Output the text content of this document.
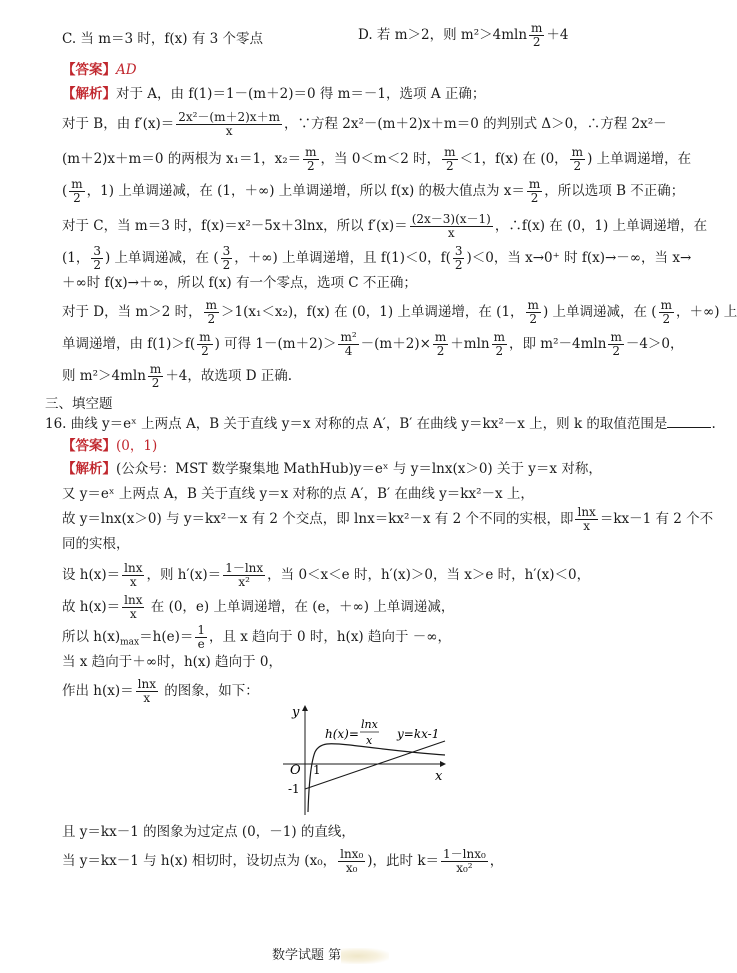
C. 当 m＝3 时，f(x) 有 3 个零点	D. 若 m＞2，则 $m^2>4mln \frac{m}{2} +4$
【答案】AD
【解析】对于 A，由 f(1)＝1－(m＋2)＝0 得 m＝－1，选项 A 正确；
对于 B，由 $f'(x)= \frac{\text{2x²－(m＋2)x＋m}}{x}$ ，∵方程 2x²－(m＋2)x＋m＝0 的判别式 Δ＞0，∴方程 2x²－
(m＋2)x＋m＝0 的两根为 x₁＝1，$x_2= \frac{m}{2}$ ，当 0＜m＜2 时， $\frac{m}{2} <1$，f(x) 在 (0， $\frac{m}{2}$ ) 上单调递增，在
( $\frac{m}{2}$ ，1) 上单调递减，在 (1，＋∞) 上单调递增，所以 f(x) 的极大值点为 $x= \frac{m}{2}$ ，所以选项 B 不正确；
对于 C，当 m＝3 时，f(x)＝x²－5x＋3lnx，所以 $f'(x)= \frac{(2x-3)(x-1)}{x}$ ，∴f(x) 在 (0，1) 上单调递增，在
(1， $\frac{3}{2}$ ) 上单调递减，在 ( $\frac{3}{2}$ ，＋∞) 上单调递增，且 f(1)＜0，$f( \frac{3}{2} )<0$，当 x→0⁺ 时 f(x)→－∞，当 x→
＋∞时 f(x)→＋∞，所以 f(x) 有一个零点，选项 C 不正确；
对于 D，当 m＞2 时， $\frac{m}{2} >1(x_1<x_2)$，f(x) 在 (0，1) 上单调递增，在 (1， $\frac{m}{2}$ ) 上单调递减，在 ( $\frac{m}{2}$ ，＋∞) 上
单调递增，由 $f(1)>f( \frac{m}{2}$ ) 可得 $1-(m+2)> \frac{\text{m²}}{4} -(m+2)\times \frac{m}{2} +mln \frac{m}{2}$ ，即 $m^2-4mln \frac{m}{2} -4>0$，
则 $m^2>4mln \frac{m}{2} +4$，故选项 D 正确.
三、填空题
16. 曲线 y＝eˣ 上两点 A，B 关于直线 y＝x 对称的点 A′，B′ 在曲线 y＝kx²－x 上，则 k 的取值范围是	.
【答案】(0，1)
【解析】(公众号：MST 数学聚集地 MathHub)y＝eˣ 与 y＝lnx(x＞0) 关于 y＝x 对称，
又 y＝eˣ 上两点 A，B 关于直线 y＝x 对称的点 A′，B′ 在曲线 y＝kx²－x 上，
故 y＝lnx(x＞0) 与 y＝kx²－x 有 2 个交点，即 lnx＝kx²－x 有 2 个不同的实根，即 $\frac{\ln x}{x} =kx-1$ 有 2 个不
同的实根，
设 $h(x)= \frac{\ln x}{x}$ ，则 $h'(x)= \frac{1-\ln x}{\text{x²}}$ ，当 0＜x＜e 时，h′(x)＞0，当 x＞e 时，h′(x)＜0，
故 $h(x)= \frac{\ln x}{x}$ 在 (0，e) 上单调递增，在 (e，＋∞) 上单调递减，
所以 $h(x)_{max}=h(e)= \frac{1}{e}$ ，且 x 趋向于 0 时，h(x) 趋向于 －∞，
当 x 趋向于＋∞时，h(x) 趋向于 0，
作出 $h(x)= \frac{\ln x}{x}$ 的图象，如下：
y
x
O 1
-1
h(x)=
lnx
x y=kx-1
且 y＝kx－1 的图象为过定点 (0，－1) 的直线，
当 y＝kx－1 与 h(x) 相切时，设切点为 (x₀， $\frac{\text{lnx₀}}{\text{x₀}}$ )，此时 $k= \frac{\text{1－lnx₀}}{\text{x₀²}}$ ，
数学试题 第
